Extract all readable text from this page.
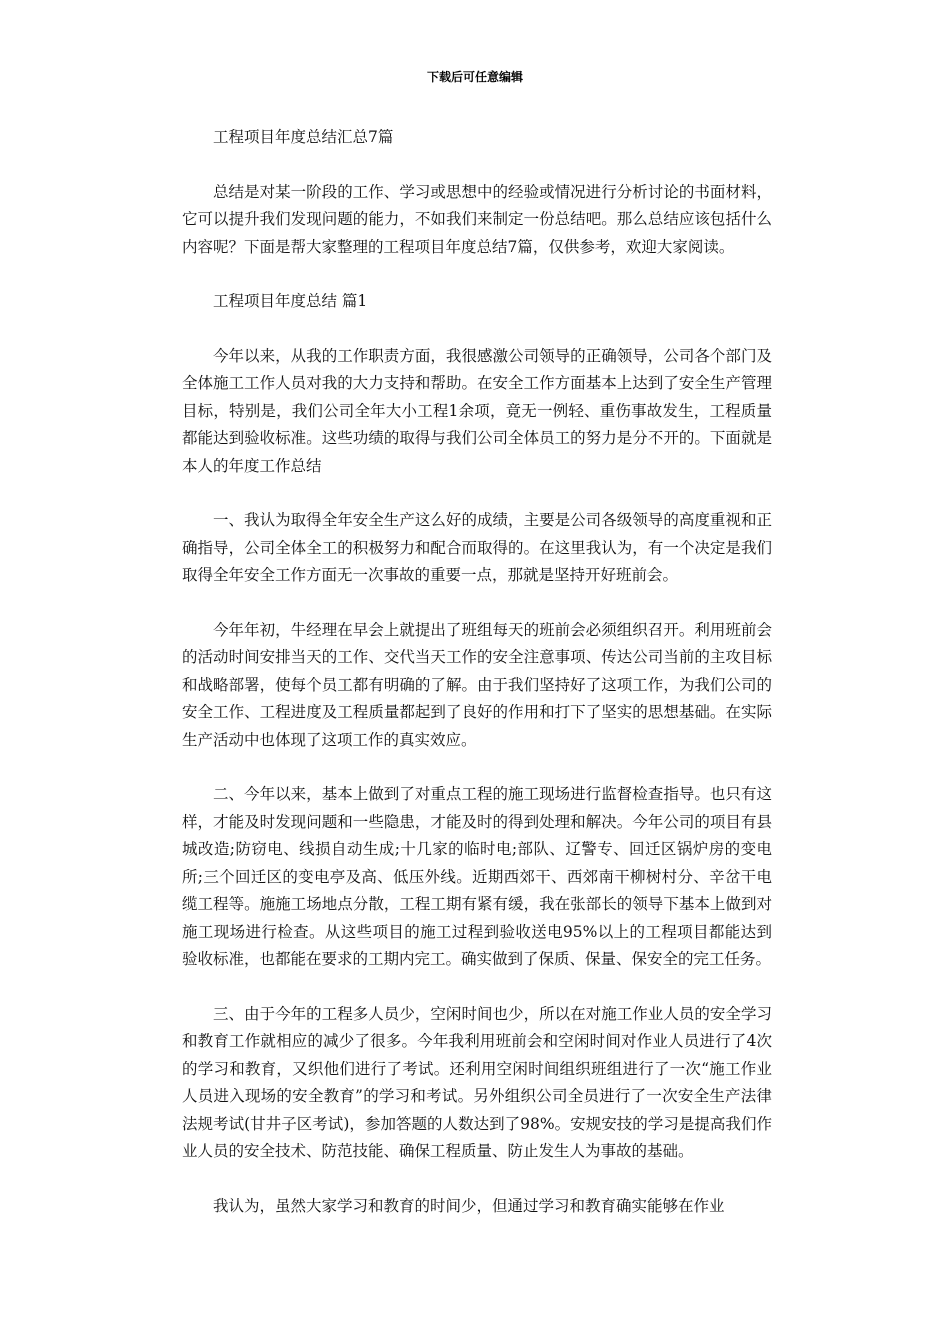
下载后可任意编辑

工程项目年度总结汇总7篇

总结是对某一阶段的工作、学习或思想中的经验或情况进行分析讨论的书面材料，它可以提升我们发现问题的能力，不如我们来制定一份总结吧。那么总结应该包括什么内容呢？下面是帮大家整理的工程项目年度总结7篇，仅供参考，欢迎大家阅读。

工程项目年度总结 篇1

今年以来，从我的工作职责方面，我很感激公司领导的正确领导，公司各个部门及全体施工工作人员对我的大力支持和帮助。在安全工作方面基本上达到了安全生产管理目标，特别是，我们公司全年大小工程1余项，竟无一例轻、重伤事故发生，工程质量都能达到验收标准。这些功绩的取得与我们公司全体员工的努力是分不开的。下面就是本人的年度工作总结

一、我认为取得全年安全生产这么好的成绩，主要是公司各级领导的高度重视和正确指导，公司全体全工的积极努力和配合而取得的。在这里我认为，有一个决定是我们取得全年安全工作方面无一次事故的重要一点，那就是坚持开好班前会。

今年年初，牛经理在早会上就提出了班组每天的班前会必须组织召开。利用班前会的活动时间安排当天的工作、交代当天工作的安全注意事项、传达公司当前的主攻目标和战略部署，使每个员工都有明确的了解。由于我们坚持好了这项工作，为我们公司的安全工作、工程进度及工程质量都起到了良好的作用和打下了坚实的思想基础。在实际生产活动中也体现了这项工作的真实效应。

二、今年以来，基本上做到了对重点工程的施工现场进行监督检查指导。也只有这样，才能及时发现问题和一些隐患，才能及时的得到处理和解决。今年公司的项目有县城改造;防窃电、线损自动生成;十几家的临时电;部队、辽警专、回迁区锅炉房的变电所;三个回迁区的变电亭及高、低压外线。近期西郊干、西郊南干柳树村分、辛岔干电缆工程等。施施工场地点分散，工程工期有紧有缓，我在张部长的领导下基本上做到对施工现场进行检查。从这些项目的施工过程到验收送电95%以上的工程项目都能达到验收标准，也都能在要求的工期内完工。确实做到了保质、保量、保安全的完工任务。

三、由于今年的工程多人员少，空闲时间也少，所以在对施工作业人员的安全学习和教育工作就相应的减少了很多。今年我利用班前会和空闲时间对作业人员进行了4次的学习和教育，又织他们进行了考试。还利用空闲时间组织班组进行了一次“施工作业人员进入现场的安全教育”的学习和考试。另外组织公司全员进行了一次安全生产法律法规考试(甘井子区考试)，参加答题的人数达到了98%。安规安技的学习是提高我们作业人员的安全技术、防范技能、确保工程质量、防止发生人为事故的基础。

我认为，虽然大家学习和教育的时间少，但通过学习和教育确实能够在作业
